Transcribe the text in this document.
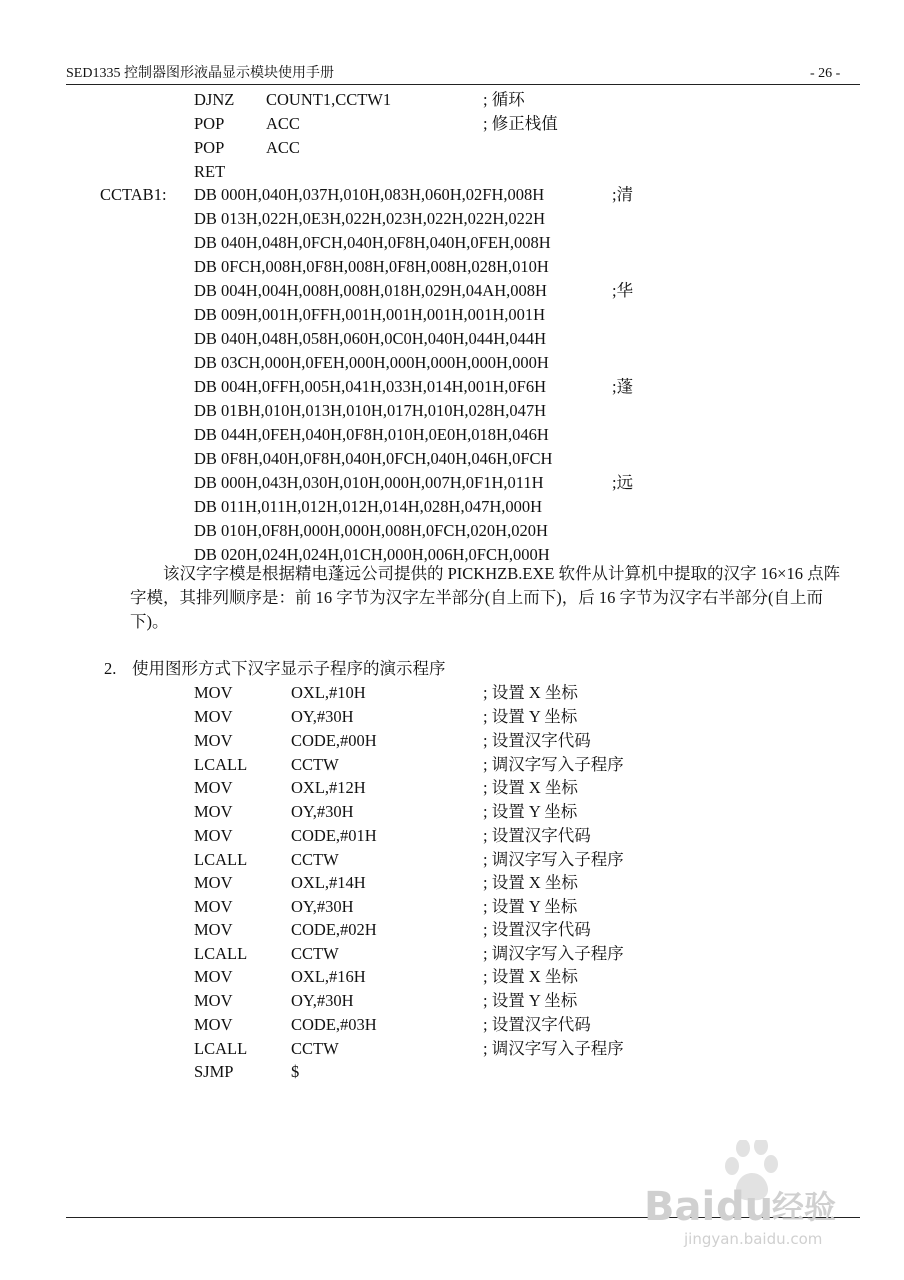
SED1335 控制器图形液晶显示模块使用手册	- 26 -
DJNZ COUNT1,CCTW1	; 循环
POP	ACC	; 修正栈值
POP	ACC
RET
CCTAB1: DB 000H,040H,037H,010H,083H,060H,02FH,008H	;清
DB 013H,022H,0E3H,022H,023H,022H,022H,022H
DB 040H,048H,0FCH,040H,0F8H,040H,0FEH,008H
DB 0FCH,008H,0F8H,008H,0F8H,008H,028H,010H
DB 004H,004H,008H,008H,018H,029H,04AH,008H	;华
DB 009H,001H,0FFH,001H,001H,001H,001H,001H
DB 040H,048H,058H,060H,0C0H,040H,044H,044H
DB 03CH,000H,0FEH,000H,000H,000H,000H,000H
DB 004H,0FFH,005H,041H,033H,014H,001H,0F6H	;蓬
DB 01BH,010H,013H,010H,017H,010H,028H,047H
DB 044H,0FEH,040H,0F8H,010H,0E0H,018H,046H
DB 0F8H,040H,0F8H,040H,0FCH,040H,046H,0FCH
DB 000H,043H,030H,010H,000H,007H,0F1H,011H	;远
DB 011H,011H,012H,012H,014H,028H,047H,000H
DB 010H,0F8H,000H,000H,008H,0FCH,020H,020H
DB 020H,024H,024H,01CH,000H,006H,0FCH,000H
该汉字字模是根据精电蓬远公司提供的 PICKHZB.EXE 软件从计算机中提取的汉字 16×16 点阵字模，其排列顺序是：前 16 字节为汉字左半部分(自上而下)，后 16 字节为汉字右半部分(自上而下)。
2. 使用图形方式下汉字显示子程序的演示程序
MOV	OXL,#10H	; 设置 X 坐标
MOV	OY,#30H	; 设置 Y 坐标
MOV	CODE,#00H	; 设置汉字代码
LCALL	CCTW	; 调汉字写入子程序
MOV	OXL,#12H	; 设置 X 坐标
MOV	OY,#30H	; 设置 Y 坐标
MOV	CODE,#01H	; 设置汉字代码
LCALL	CCTW	; 调汉字写入子程序
MOV	OXL,#14H	; 设置 X 坐标
MOV	OY,#30H	; 设置 Y 坐标
MOV	CODE,#02H	; 设置汉字代码
LCALL	CCTW	; 调汉字写入子程序
MOV	OXL,#16H	; 设置 X 坐标
MOV	OY,#30H	; 设置 Y 坐标
MOV	CODE,#03H	; 设置汉字代码
LCALL	CCTW	; 调汉字写入子程序
SJMP	$
Bai du
经验
jingyan.baidu.com
